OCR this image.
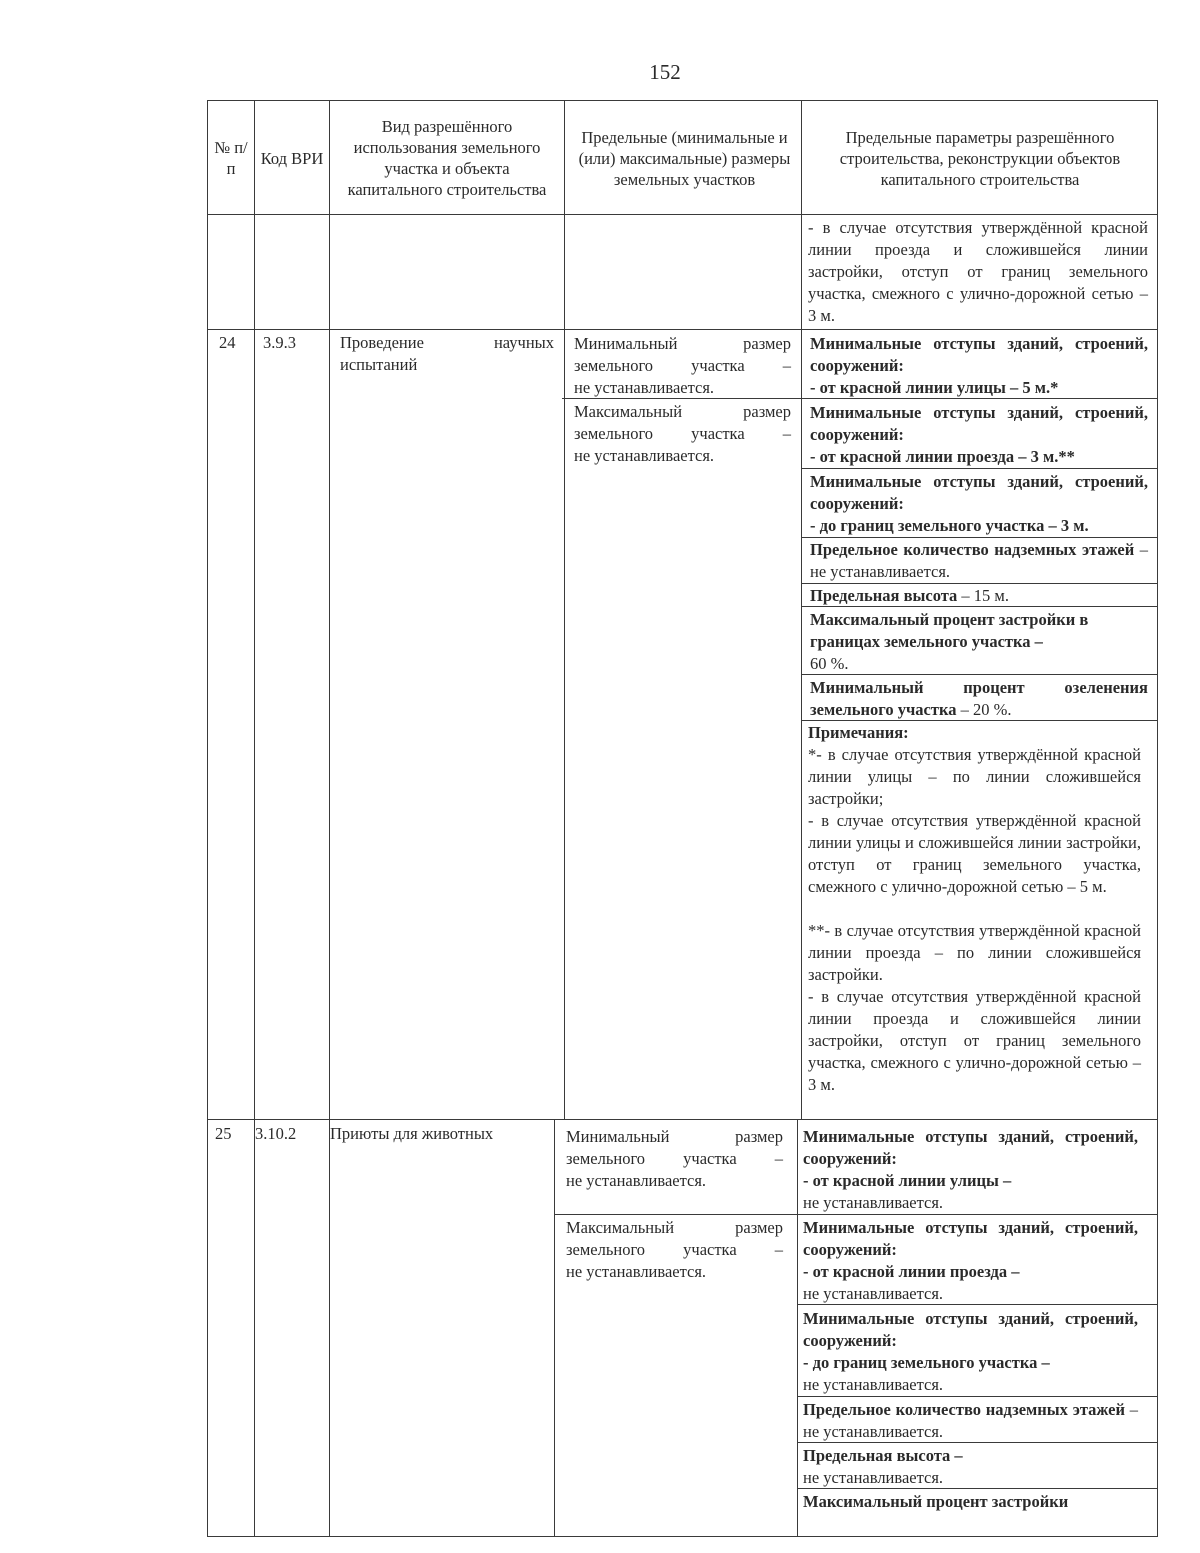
152
№ п/п
Код ВРИ
Вид разрешённого использования земельного участка и объекта капитального строительства
Предельные (минимальные и (или) максимальные) размеры земельных участков
Предельные параметры разрешённого строительства, реконструкции объектов капитального строительства
- в случае отсутствия утверждённой красной линии проезда и сложившейся линии застройки, отступ от границ земельного участка, смежного с улично-дорожной сетью – 3 м.
24 3.9.3	Проведение научных испытаний
Минимальный размер земельного участка –
не устанавливается.
Максимальный размер земельного участка –
не устанавливается.
Минимальные отступы зданий, строений, сооружений:
- от красной линии улицы – 5 м.*
Минимальные отступы зданий, строений, сооружений:
- от красной линии проезда – 3 м.**
Минимальные отступы зданий, строений, сооружений:
- до границ земельного участка – 3 м.
Предельное количество надземных этажей – не устанавливается.
Предельная высота – 15 м.
Максимальный процент застройки в границах земельного участка –
60 %.
Минимальный процент озеленения земельного участка – 20 %.
Примечания:
*- в случае отсутствия утверждённой красной линии улицы – по линии сложившейся застройки;
- в случае отсутствия утверждённой красной линии улицы и сложившейся линии застройки, отступ от границ земельного участка, смежного с улично-дорожной сетью – 5 м.
**- в случае отсутствия утверждённой красной линии проезда – по линии сложившейся застройки.
- в случае отсутствия утверждённой красной линии проезда и сложившейся линии застройки, отступ от границ земельного участка, смежного с улично-дорожной сетью – 3 м.
25 3.10.2 Приюты для животных	Минимальный размер земельного участка –
не устанавливается.
Максимальный размер земельного участка –
не устанавливается.
Минимальные отступы зданий, строений, сооружений:
- от красной линии улицы –
не устанавливается.
Минимальные отступы зданий, строений, сооружений:
- от красной линии проезда –
не устанавливается.
Минимальные отступы зданий, строений, сооружений:
- до границ земельного участка –
не устанавливается.
Предельное количество надземных этажей – не устанавливается.
Предельная высота –
не устанавливается.
Максимальный процент застройки
